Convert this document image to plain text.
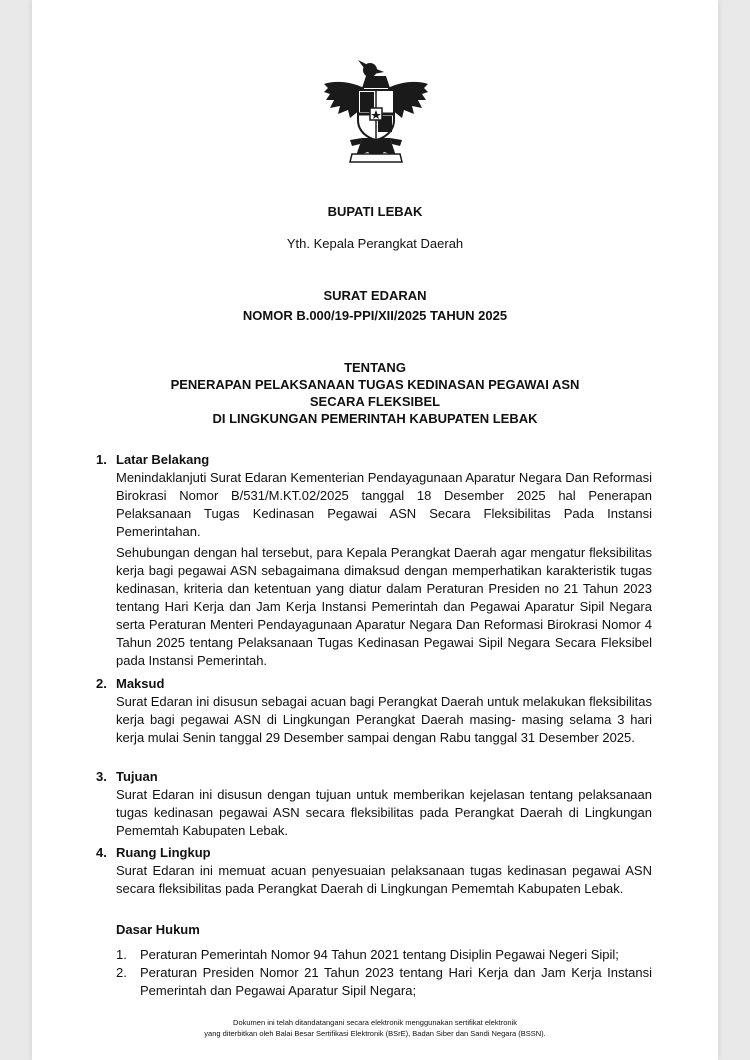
BUPATI LEBAK
Yth. Kepala Perangkat Daerah
SURAT EDARAN
NOMOR B.000/19-PPI/XII/2025 TAHUN 2025
TENTANG
PENERAPAN PELAKSANAAN TUGAS KEDINASAN PEGAWAI ASN
SECARA FLEKSIBEL
DI LINGKUNGAN PEMERINTAH KABUPATEN LEBAK
1. Latar Belakang
Menindaklanjuti Surat Edaran Kementerian Pendayagunaan Aparatur Negara Dan Reformasi Birokrasi Nomor B/531/M.KT.02/2025 tanggal 18 Desember 2025 hal Penerapan Pelaksanaan Tugas Kedinasan Pegawai ASN Secara Fleksibilitas Pada Instansi Pemerintahan.
Sehubungan dengan hal tersebut, para Kepala Perangkat Daerah agar mengatur fleksibilitas kerja bagi pegawai ASN sebagaimana dimaksud dengan memperhatikan karakteristik tugas kedinasan, kriteria dan ketentuan yang diatur dalam Peraturan Presiden no 21 Tahun 2023 tentang Hari Kerja dan Jam Kerja Instansi Pemerintah dan Pegawai Aparatur Sipil Negara serta Peraturan Menteri Pendayagunaan Aparatur Negara Dan Reformasi Birokrasi Nomor 4 Tahun 2025 tentang Pelaksanaan Tugas Kedinasan Pegawai Sipil Negara Secara Fleksibel pada Instansi Pemerintah.
2. Maksud
Surat Edaran ini disusun sebagai acuan bagi Perangkat Daerah untuk melakukan fleksibilitas kerja bagi pegawai ASN di Lingkungan Perangkat Daerah masing- masing selama 3 hari kerja mulai Senin tanggal 29 Desember sampai dengan Rabu tanggal 31 Desember 2025.
3. Tujuan
Surat Edaran ini disusun dengan tujuan untuk memberikan kejelasan tentang pelaksanaan tugas kedinasan pegawai ASN secara fleksibilitas pada Perangkat Daerah di Lingkungan Pememtah Kabupaten Lebak.
4. Ruang Lingkup
Surat Edaran ini memuat acuan penyesuaian pelaksanaan tugas kedinasan pegawai ASN secara fleksibilitas pada Perangkat Daerah di Lingkungan Pememtah Kabupaten Lebak.
Dasar Hukum
1. Peraturan Pemerintah Nomor 94 Tahun 2021 tentang Disiplin Pegawai Negeri Sipil;
2. Peraturan Presiden Nomor 21 Tahun 2023 tentang Hari Kerja dan Jam Kerja Instansi Pemerintah dan Pegawai Aparatur Sipil Negara;
Dokumen ini telah ditandatangani secara elektronik menggunakan sertifikat elektronik
yang diterbitkan oleh Balai Besar Sertifikasi Elektronik (BSrE), Badan Siber dan Sandi Negara (BSSN).
